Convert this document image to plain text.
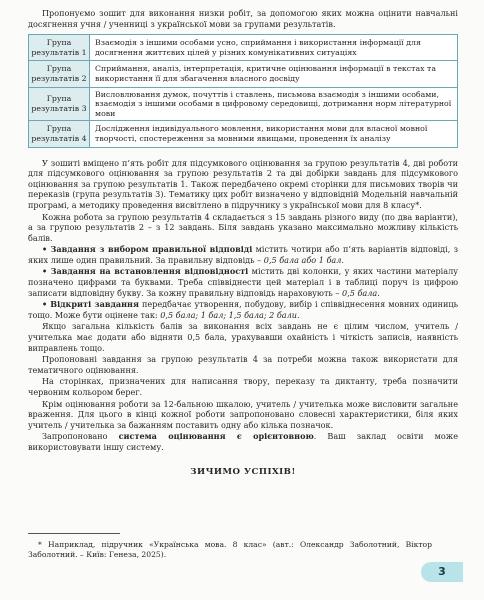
Пропонуємо зошит для виконання низки робіт, за допомогою яких можна оцінити навчальні досягнення учня / ученниці з української мови за групами результатів.

Група результатів 1	Взаємодія з іншими особами усно, сприймання і використання інформації для досягнення життєвих цілей у різних комунікативних ситуаціях
Група результатів 2	Сприймання, аналіз, інтерпретація, критичне оцінювання інформації в текстах та використання її для збагачення власного досвіду
Група результатів 3	Висловлювання думок, почуттів і ставлень, письмова взаємодія з іншими особами, взаємодія з іншими особами в цифровому середовищі, дотримання норм літературної мови
Група результатів 4	Дослідження індивідуального мовлення, використання мови для власної мовної творчості, спостереження за мовними явищами, проведення їх аналізу

У зошиті вміщено п’ять робіт для підсумкового оцінювання за групою результатів 4, дві роботи для підсумкового оцінювання за групою результатів 2 та дві добірки завдань для підсумкового оцінювання за групою результатів 1. Також передбачено окремі сторінки для письмових творів чи переказів (група результатів 3). Тематику цих робіт визначено у відповідній Модельній навчальній програмі, а методику проведення висвітлено в підручнику з української мови для 8 класу*.

Кожна робота за групою результатів 4 складається з 15 завдань різного виду (по два варіанти), а за групою результатів 2 – з 12 завдань. Біля завдань указано максимально можливу кількість балів.

• Завдання з вибором правильної відповіді містить чотири або п’ять варіантів відповіді, з яких лише один правильний. За правильну відповідь – 0,5 бала або 1 бал.

• Завдання на встановлення відповідності містить дві колонки, у яких частини матеріалу позначено цифрами та буквами. Треба співвіднести цей матеріал і в таблиці поруч із цифрою записати відповідну букву. За кожну правильну відповідь нараховують – 0,5 бала.

• Відкриті завдання передбачає утворення, побудову, вибір і співвіднесення мовних одиниць тощо. Може бути оцінене так: 0,5 бала; 1 бал; 1,5 бала; 2 бали.

Якщо загальна кількість балів за виконання всіх завдань не є цілим числом, учитель / учителька має додати або відняти 0,5 бала, урахувавши охайність і чіткість записів, наявність виправлень тощо.

Пропоновані завдання за групою результатів 4 за потреби можна також використати для тематичного оцінювання.

На сторінках, призначених для написання твору, переказу та диктанту, треба позначити червоним кольором берег.

Крім оцінювання роботи за 12-бальною шкалою, учитель / учителька може висловити загальне враження. Для цього в кінці кожної роботи запропоновано словесні характеристики, біля яких учитель / учителька за бажанням поставить одну або кілька позначок.

Запропоновано система оцінювання є орієнтовною. Ваш заклад освіти може використовувати іншу систему.

ЗИЧИМО УСПІХІВ!

* Наприклад, підручник «Українська мова. 8 клас» (авт.: Олександр Заболотний, Віктор Заболотний. – Київ: Генеза, 2025).

3
